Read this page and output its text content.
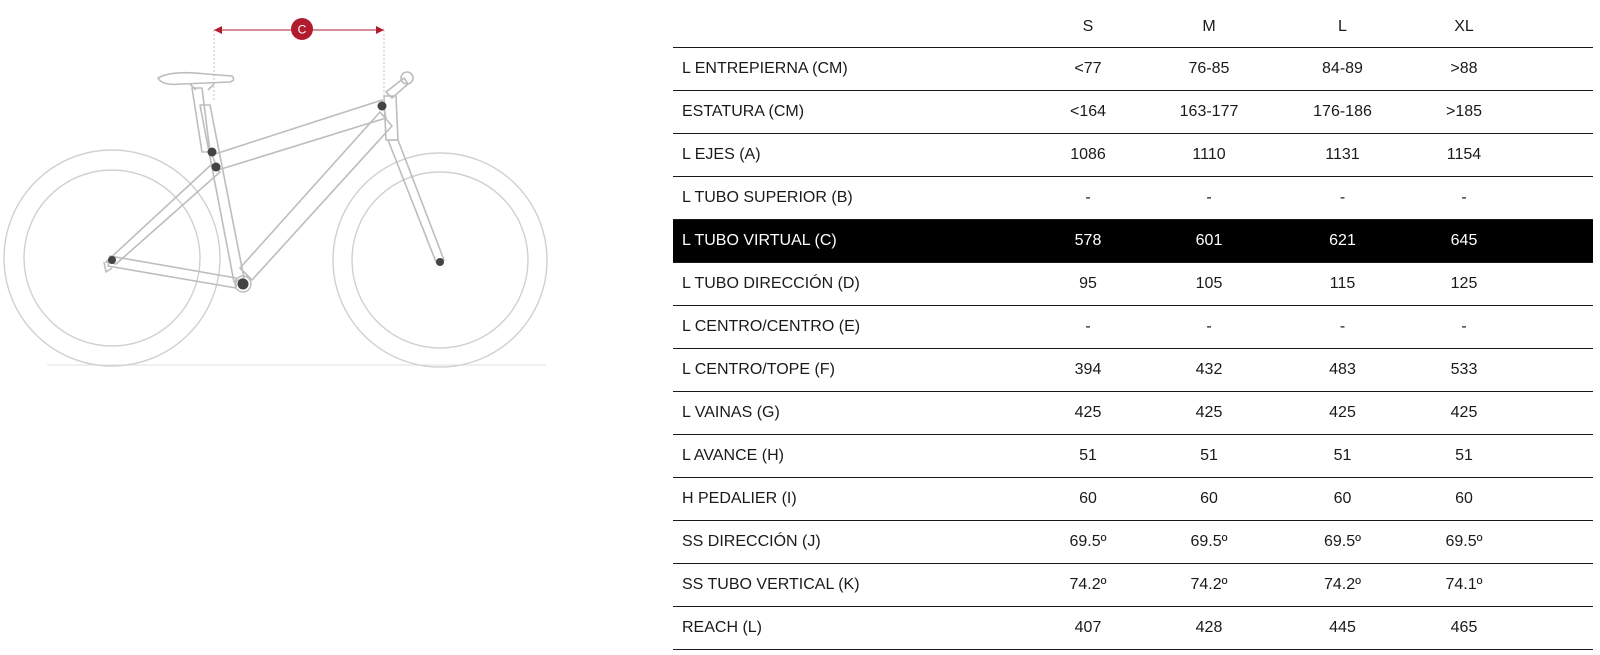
C
		S	M	L	XL	
L ENTREPIERNA (CM)	<77	76-85	84-89	>88	
ESTATURA (CM)	<164	163-177	176-186	>185	
L EJES (A)	1086	1110	1131	1154	
L TUBO SUPERIOR (B)	-	-	-	-	
L TUBO VIRTUAL (C)	578	601	621	645	
L TUBO DIRECCIÓN (D)	95	105	115	125	
L CENTRO/CENTRO (E)	-	-	-	-	
L CENTRO/TOPE (F)	394	432	483	533	
L VAINAS (G)	425	425	425	425	
L AVANCE (H)	51	51	51	51	
H PEDALIER (I)	60	60	60	60	
SS DIRECCIÓN (J)	69.5º	69.5º	69.5º	69.5º	
SS TUBO VERTICAL (K)	74.2º	74.2º	74.2º	74.1º	
REACH (L)	407	428	445	465	
